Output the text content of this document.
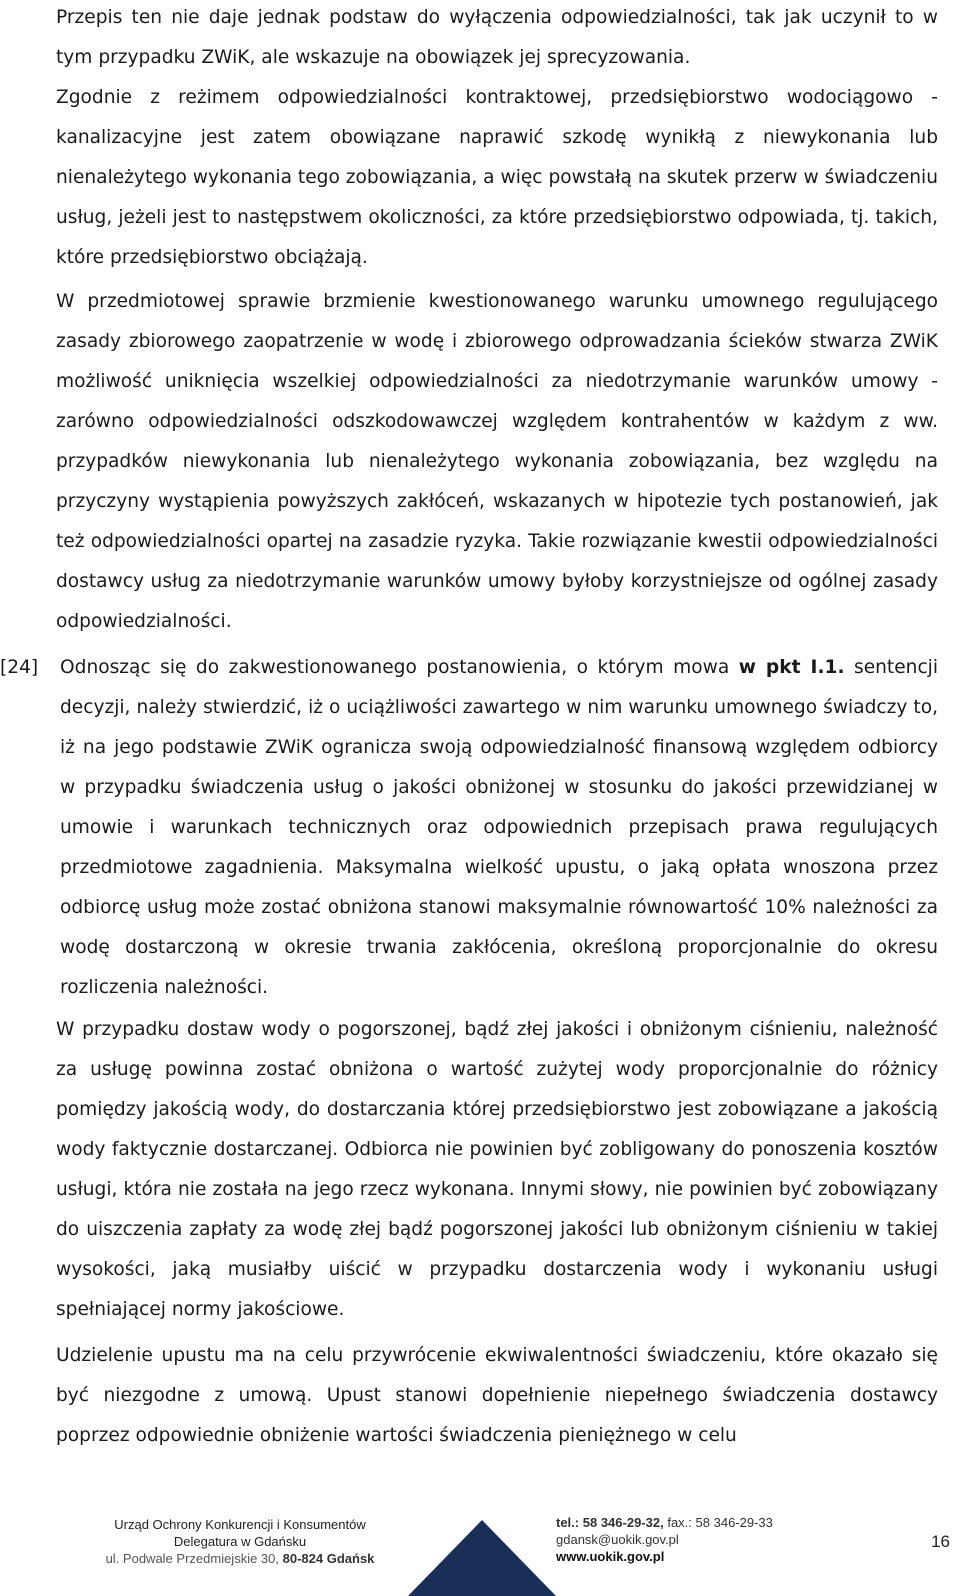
Przepis ten nie daje jednak podstaw do wyłączenia odpowiedzialności, tak jak uczynił to w tym przypadku ZWiK, ale wskazuje na obowiązek jej sprecyzowania.

Zgodnie z reżimem odpowiedzialności kontraktowej, przedsiębiorstwo wodociągowo - kanalizacyjne jest zatem obowiązane naprawić szkodę wynikłą z niewykonania lub nienależytego wykonania tego zobowiązania, a więc powstałą na skutek przerw w świadczeniu usług, jeżeli jest to następstwem okoliczności, za które przedsiębiorstwo odpowiada, tj. takich, które przedsiębiorstwo obciążają.

W przedmiotowej sprawie brzmienie kwestionowanego warunku umownego regulującego zasady zbiorowego zaopatrzenie w wodę i zbiorowego odprowadzania ścieków stwarza ZWiK możliwość uniknięcia wszelkiej odpowiedzialności za niedotrzymanie warunków umowy - zarówno odpowiedzialności odszkodowawczej względem kontrahentów w każdym z ww. przypadków niewykonania lub nienależytego wykonania zobowiązania, bez względu na przyczyny wystąpienia powyższych zakłóceń, wskazanych w hipotezie tych postanowień, jak też odpowiedzialności opartej na zasadzie ryzyka. Takie rozwiązanie kwestii odpowiedzialności dostawcy usług za niedotrzymanie warunków umowy byłoby korzystniejsze od ogólnej zasady odpowiedzialności.

[24] Odnosząc się do zakwestionowanego postanowienia, o którym mowa w pkt I.1. sentencji decyzji, należy stwierdzić, iż o uciążliwości zawartego w nim warunku umownego świadczy to, iż na jego podstawie ZWiK ogranicza swoją odpowiedzialność finansową względem odbiorcy w przypadku świadczenia usług o jakości obniżonej w stosunku do jakości przewidzianej w umowie i warunkach technicznych oraz odpowiednich przepisach prawa regulujących przedmiotowe zagadnienia. Maksymalna wielkość upustu, o jaką opłata wnoszona przez odbiorcę usług może zostać obniżona stanowi maksymalnie równowartość 10% należności za wodę dostarczoną w okresie trwania zakłócenia, określoną proporcjonalnie do okresu rozliczenia należności.

W przypadku dostaw wody o pogorszonej, bądź złej jakości i obniżonym ciśnieniu, należność za usługę powinna zostać obniżona o wartość zużytej wody proporcjonalnie do różnicy pomiędzy jakością wody, do dostarczania której przedsiębiorstwo jest zobowiązane a jakością wody faktycznie dostarczanej. Odbiorca nie powinien być zobligowany do ponoszenia kosztów usługi, która nie została na jego rzecz wykonana. Innymi słowy, nie powinien być zobowiązany do uiszczenia zapłaty za wodę złej bądź pogorszonej jakości lub obniżonym ciśnieniu w takiej wysokości, jaką musiałby uiścić w przypadku dostarczenia wody i wykonaniu usługi spełniającej normy jakościowe.

Udzielenie upustu ma na celu przywrócenie ekwiwalentności świadczeniu, które okazało się być niezgodne z umową. Upust stanowi dopełnienie niepełnego świadczenia dostawcy poprzez odpowiednie obniżenie wartości świadczenia pieniężnego w celu

Urząd Ochrony Konkurencji i Konsumentów
Delegatura w Gdańsku
ul. Podwale Przedmiejskie 30, 80-824 Gdańsk
tel.: 58 346-29-32, fax.: 58 346-29-33
gdansk@uokik.gov.pl
www.uokik.gov.pl
16
